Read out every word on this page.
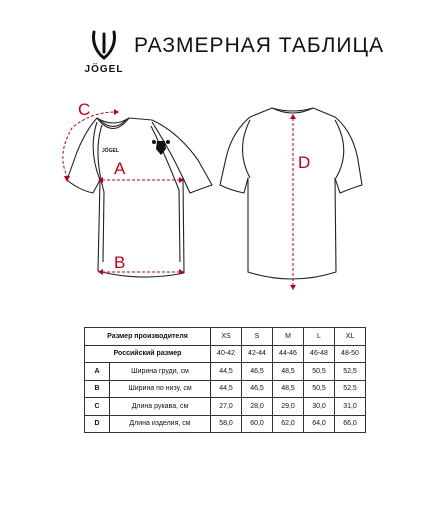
JÖGEL
РАЗМЕРНАЯ ТАБЛИЦА
JÖGEL
A
B
C
D
Размер производителя		XS	S	M	L	XL
Российский размер		40-42	42-44	44-46	46-48	48-50
A	Ширина груди, см	44,5	46,5	48,5	50,5	52,5
B	Ширина по низу, см	44,5	46,5	48,5	50,5	52,5
C	Длина рукава, см	27,0	28,0	29,0	30,0	31,0
D	Длина изделия, см	58,0	60,0	62,0	64,0	66,0
